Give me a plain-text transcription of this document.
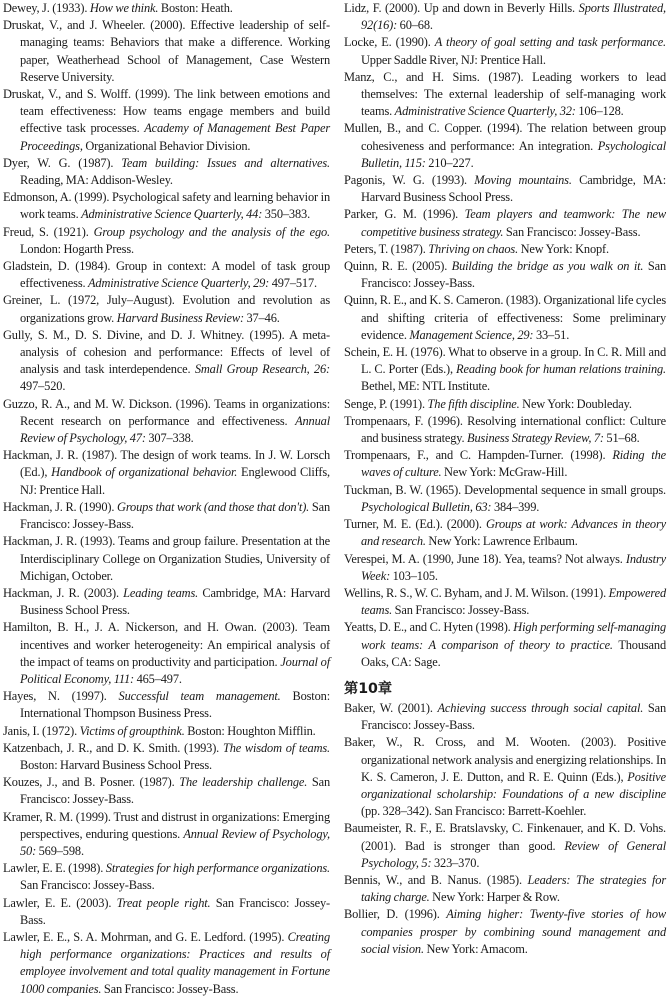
Dewey, J. (1933). How we think. Boston: Heath.

Druskat, V., and J. Wheeler. (2000). Effective leadership of self-managing teams: Behaviors that make a difference. Working paper, Weatherhead School of Management, Case Western Reserve University.

Druskat, V., and S. Wolff. (1999). The link between emotions and team effectiveness: How teams engage members and build effective task processes. Academy of Management Best Paper Proceedings, Organizational Behavior Division.

Dyer, W. G. (1987). Team building: Issues and alternatives. Reading, MA: Addison-Wesley.

Edmonson, A. (1999). Psychological safety and learning behavior in work teams. Administrative Science Quarterly, 44: 350–383.

Freud, S. (1921). Group psychology and the analysis of the ego. London: Hogarth Press.

Gladstein, D. (1984). Group in context: A model of task group effectiveness. Administrative Science Quarterly, 29: 497–517.

Greiner, L. (1972, July–August). Evolution and revolution as organizations grow. Harvard Business Review: 37–46.

Gully, S. M., D. S. Divine, and D. J. Whitney. (1995). A meta-analysis of cohesion and performance: Effects of level of analysis and task interdependence. Small Group Research, 26: 497–520.

Guzzo, R. A., and M. W. Dickson. (1996). Teams in organizations: Recent research on performance and effectiveness. Annual Review of Psychology, 47: 307–338.

Hackman, J. R. (1987). The design of work teams. In J. W. Lorsch (Ed.), Handbook of organizational behavior. Englewood Cliffs, NJ: Prentice Hall.

Hackman, J. R. (1990). Groups that work (and those that don't). San Francisco: Jossey-Bass.

Hackman, J. R. (1993). Teams and group failure. Presentation at the Interdisciplinary College on Organization Studies, University of Michigan, October.

Hackman, J. R. (2003). Leading teams. Cambridge, MA: Harvard Business School Press.

Hamilton, B. H., J. A. Nickerson, and H. Owan. (2003). Team incentives and worker heterogeneity: An empirical analysis of the impact of teams on productivity and participation. Journal of Political Economy, 111: 465–497.

Hayes, N. (1997). Successful team management. Boston: International Thompson Business Press.

Janis, I. (1972). Victims of groupthink. Boston: Houghton Mifflin.

Katzenbach, J. R., and D. K. Smith. (1993). The wisdom of teams. Boston: Harvard Business School Press.

Kouzes, J., and B. Posner. (1987). The leadership challenge. San Francisco: Jossey-Bass.

Kramer, R. M. (1999). Trust and distrust in organizations: Emerging perspectives, enduring questions. Annual Review of Psychology, 50: 569–598.

Lawler, E. E. (1998). Strategies for high performance organizations. San Francisco: Jossey-Bass.

Lawler, E. E. (2003). Treat people right. San Francisco: Jossey-Bass.

Lawler, E. E., S. A. Mohrman, and G. E. Ledford. (1995). Creating high performance organizations: Practices and results of employee involvement and total quality management in Fortune 1000 companies. San Francisco: Jossey-Bass.

Lidz, F. (2000). Up and down in Beverly Hills. Sports Illustrated, 92(16): 60–68.

Locke, E. (1990). A theory of goal setting and task performance. Upper Saddle River, NJ: Prentice Hall.

Manz, C., and H. Sims. (1987). Leading workers to lead themselves: The external leadership of self-managing work teams. Administrative Science Quarterly, 32: 106–128.

Mullen, B., and C. Copper. (1994). The relation between group cohesiveness and performance: An integration. Psychological Bulletin, 115: 210–227.

Pagonis, W. G. (1993). Moving mountains. Cambridge, MA: Harvard Business School Press.

Parker, G. M. (1996). Team players and teamwork: The new competitive business strategy. San Francisco: Jossey-Bass.

Peters, T. (1987). Thriving on chaos. New York: Knopf.

Quinn, R. E. (2005). Building the bridge as you walk on it. San Francisco: Jossey-Bass.

Quinn, R. E., and K. S. Cameron. (1983). Organizational life cycles and shifting criteria of effectiveness: Some preliminary evidence. Management Science, 29: 33–51.

Schein, E. H. (1976). What to observe in a group. In C. R. Mill and L. C. Porter (Eds.), Reading book for human relations training. Bethel, ME: NTL Institute.

Senge, P. (1991). The fifth discipline. New York: Doubleday.

Trompenaars, F. (1996). Resolving international conflict: Culture and business strategy. Business Strategy Review, 7: 51–68.

Trompenaars, F., and C. Hampden-Turner. (1998). Riding the waves of culture. New York: McGraw-Hill.

Tuckman, B. W. (1965). Developmental sequence in small groups. Psychological Bulletin, 63: 384–399.

Turner, M. E. (Ed.). (2000). Groups at work: Advances in theory and research. New York: Lawrence Erlbaum.

Verespei, M. A. (1990, June 18). Yea, teams? Not always. Industry Week: 103–105.

Wellins, R. S., W. C. Byham, and J. M. Wilson. (1991). Empowered teams. San Francisco: Jossey-Bass.

Yeatts, D. E., and C. Hyten (1998). High performing self-managing work teams: A comparison of theory to practice. Thousand Oaks, CA: Sage.

第10章

Baker, W. (2001). Achieving success through social capital. San Francisco: Jossey-Bass.

Baker, W., R. Cross, and M. Wooten. (2003). Positive organizational network analysis and energizing relationships. In K. S. Cameron, J. E. Dutton, and R. E. Quinn (Eds.), Positive organizational scholarship: Foundations of a new discipline (pp. 328–342). San Francisco: Barrett-Koehler.

Baumeister, R. F., E. Bratslavsky, C. Finkenauer, and K. D. Vohs. (2001). Bad is stronger than good. Review of General Psychology, 5: 323–370.

Bennis, W., and B. Nanus. (1985). Leaders: The strategies for taking charge. New York: Harper & Row.

Bollier, D. (1996). Aiming higher: Twenty-five stories of how companies prosper by combining sound management and social vision. New York: Amacom.
